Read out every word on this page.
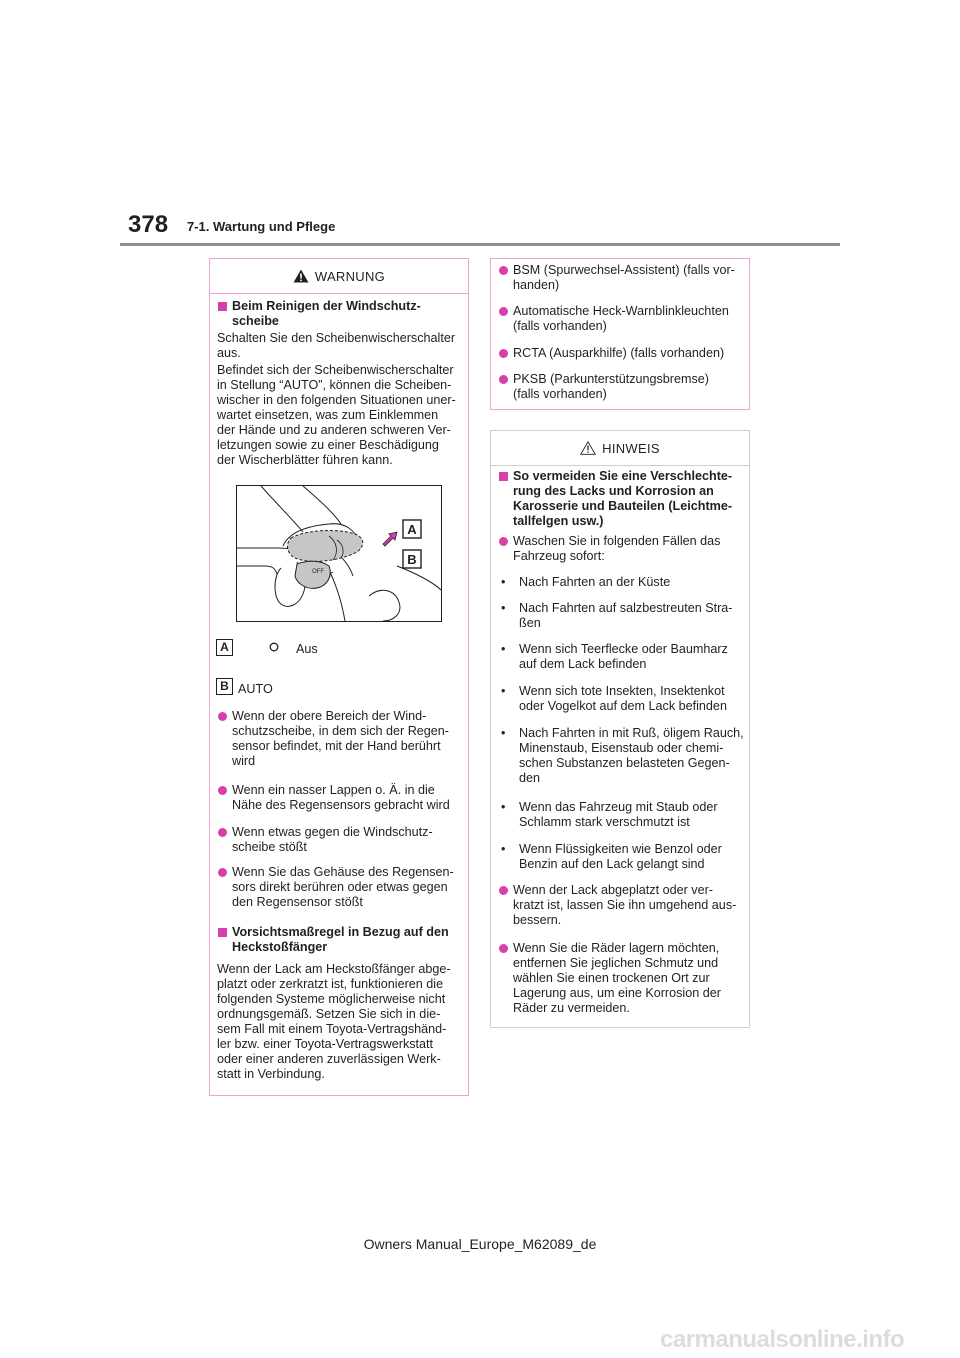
378 7-1. Wartung und Pflege
WARNUNG
Beim Reinigen der Windschutz-
scheibe
Schalten Sie den Scheibenwischerschalter aus.
Befindet sich der Scheibenwischerschalter in Stellung “AUTO”, können die Scheiben-wischer in den folgenden Situationen uner-wartet einsetzen, was zum Einklemmen der Hände und zu anderen schweren Ver-letzungen sowie zu einer Beschädigung der Wischerblätter führen kann.
OFF
A
B
A	Aus
B AUTO
Wenn der obere Bereich der Wind-
schutzscheibe, in dem sich der Regen-
sensor befindet, mit der Hand berührt
wird
Wenn ein nasser Lappen o. Ä. in die
Nähe des Regensensors gebracht wird
Wenn etwas gegen die Windschutz-
scheibe stößt
Wenn Sie das Gehäuse des Regensen-
sors direkt berühren oder etwas gegen
den Regensensor stößt
Vorsichtsmaßregel in Bezug auf den
Heckstoßfänger
Wenn der Lack am Heckstoßfänger abge-
platzt oder zerkratzt ist, funktionieren die
folgenden Systeme möglicherweise nicht
ordnungsgemäß. Setzen Sie sich in die-
sem Fall mit einem Toyota-Vertragshänd-
ler bzw. einer Toyota-Vertragswerkstatt
oder einer anderen zuverlässigen Werk-
statt in Verbindung.
BSM (Spurwechsel-Assistent) (falls vor-
handen)
Automatische Heck-Warnblinkleuchten
(falls vorhanden)
RCTA (Ausparkhilfe) (falls vorhanden)
PKSB (Parkunterstützungsbremse)
(falls vorhanden)
HINWEIS
So vermeiden Sie eine Verschlechte-
rung des Lacks und Korrosion an
Karosserie und Bauteilen (Leichtme-
tallfelgen usw.)
Waschen Sie in folgenden Fällen das
Fahrzeug sofort:
• Nach Fahrten an der Küste
• Nach Fahrten auf salzbestreuten Stra-
ßen
• Wenn sich Teerflecke oder Baumharz
auf dem Lack befinden
• Wenn sich tote Insekten, Insektenkot
oder Vogelkot auf dem Lack befinden
• Nach Fahrten in mit Ruß, öligem Rauch,
Minenstaub, Eisenstaub oder chemi-
schen Substanzen belasteten Gegen-
den
• Wenn das Fahrzeug mit Staub oder
Schlamm stark verschmutzt ist
• Wenn Flüssigkeiten wie Benzol oder
Benzin auf den Lack gelangt sind
Wenn der Lack abgeplatzt oder ver-
kratzt ist, lassen Sie ihn umgehend aus-
bessern.
Wenn Sie die Räder lagern möchten,
entfernen Sie jeglichen Schmutz und
wählen Sie einen trockenen Ort zur
Lagerung aus, um eine Korrosion der
Räder zu vermeiden.
Owners Manual_Europe_M62089_de
carmanualsonline.info
